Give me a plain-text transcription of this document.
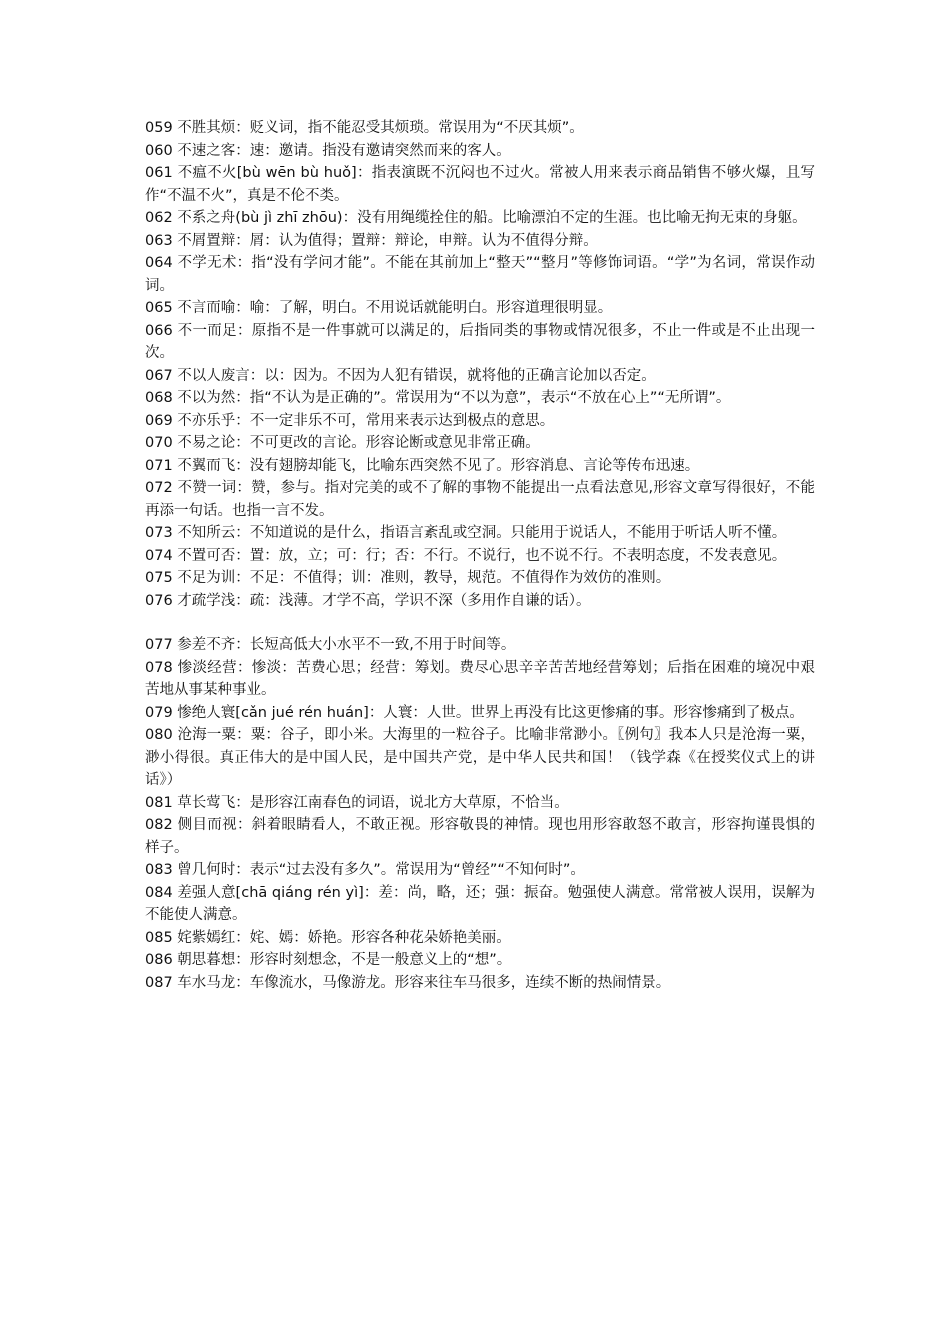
059 不胜其烦：贬义词，指不能忍受其烦琐。常误用为“不厌其烦”。

060 不速之客：速：邀请。指没有邀请突然而来的客人。

061 不瘟不火[bù wēn bù huǒ]：指表演既不沉闷也不过火。常被人用来表示商品销售不够火爆，且写作“不温不火”，真是不伦不类。

062 不系之舟(bù jì zhī zhōu)：没有用绳缆拴住的船。比喻漂泊不定的生涯。也比喻无拘无束的身躯。

063 不屑置辩：屑：认为值得；置辩：辩论，申辩。认为不值得分辩。

064 不学无术：指“没有学问才能”。不能在其前加上“整天”“整月”等修饰词语。“学”为名词，常误作动词。

065 不言而喻：喻：了解，明白。不用说话就能明白。形容道理很明显。

066 不一而足：原指不是一件事就可以满足的，后指同类的事物或情况很多，不止一件或是不止出现一次。

067 不以人废言：以：因为。不因为人犯有错误，就将他的正确言论加以否定。

068 不以为然：指“不认为是正确的”。常误用为“不以为意”，表示“不放在心上”“无所谓”。

069 不亦乐乎：不一定非乐不可，常用来表示达到极点的意思。

070 不易之论：不可更改的言论。形容论断或意见非常正确。

071 不翼而飞：没有翅膀却能飞，比喻东西突然不见了。形容消息、言论等传布迅速。

072 不赞一词：赞，参与。指对完美的或不了解的事物不能提出一点看法意见,形容文章写得很好，不能再添一句话。也指一言不发。

073 不知所云：不知道说的是什么，指语言紊乱或空洞。只能用于说话人，不能用于听话人听不懂。

074 不置可否：置：放，立；可：行；否：不行。不说行，也不说不行。不表明态度，不发表意见。

075 不足为训：不足：不值得；训：准则，教导，规范。不值得作为效仿的准则。

076 才疏学浅：疏：浅薄。才学不高，学识不深（多用作自谦的话）。

077 参差不齐：长短高低大小水平不一致,不用于时间等。

078 惨淡经营：惨淡：苦费心思；经营：筹划。费尽心思辛辛苦苦地经营筹划；后指在困难的境况中艰苦地从事某种事业。

079 惨绝人寰[cǎn jué rén huán]：人寰：人世。世界上再没有比这更惨痛的事。形容惨痛到了极点。

080 沧海一粟：粟：谷子，即小米。大海里的一粒谷子。比喻非常渺小。〖例句〗我本人只是沧海一粟，渺小得很。真正伟大的是中国人民，是中国共产党，是中华人民共和国！（钱学森《在授奖仪式上的讲话》）

081 草长莺飞：是形容江南春色的词语，说北方大草原，不恰当。

082 侧目而视：斜着眼睛看人，不敢正视。形容敬畏的神情。现也用形容敢怒不敢言，形容拘谨畏惧的样子。

083 曾几何时：表示“过去没有多久”。常误用为“曾经”“不知何时”。

084 差强人意[chā qiáng rén yì]：差：尚，略，还；强：振奋。勉强使人满意。常常被人误用，误解为不能使人满意。

085 姹紫嫣红：姹、嫣：娇艳。形容各种花朵娇艳美丽。

086 朝思暮想：形容时刻想念，不是一般意义上的“想”。

087 车水马龙：车像流水，马像游龙。形容来往车马很多，连续不断的热闹情景。
